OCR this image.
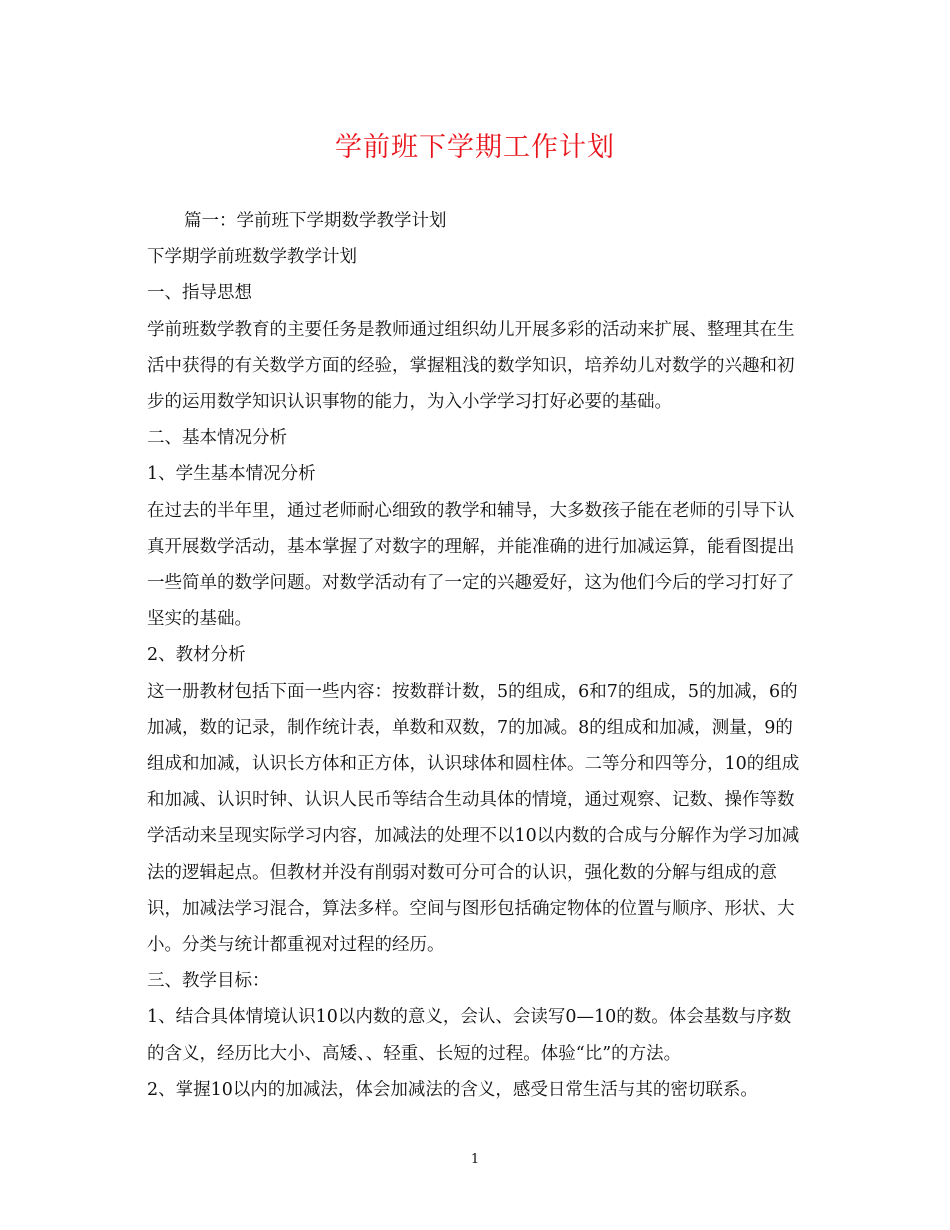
学前班下学期工作计划

篇一：学前班下学期数学教学计划

下学期学前班数学教学计划

一、指导思想

学前班数学教育的主要任务是教师通过组织幼儿开展多彩的活动来扩展、整理其在生活中获得的有关数学方面的经验，掌握粗浅的数学知识，培养幼儿对数学的兴趣和初步的运用数学知识认识事物的能力，为入小学学习打好必要的基础。

二、基本情况分析

1、学生基本情况分析

在过去的半年里，通过老师耐心细致的教学和辅导，大多数孩子能在老师的引导下认真开展数学活动，基本掌握了对数字的理解，并能准确的进行加减运算，能看图提出一些简单的数学问题。对数学活动有了一定的兴趣爱好，这为他们今后的学习打好了坚实的基础。

2、教材分析

这一册教材包括下面一些内容：按数群计数，5的组成，6和7的组成，5的加减，6的加减，数的记录，制作统计表，单数和双数，7的加减。8的组成和加减，测量，9的组成和加减，认识长方体和正方体，认识球体和圆柱体。二等分和四等分，10的组成和加减、认识时钟、认识人民币等结合生动具体的情境，通过观察、记数、操作等数学活动来呈现实际学习内容，加减法的处理不以10以内数的合成与分解作为学习加减法的逻辑起点。但教材并没有削弱对数可分可合的认识，强化数的分解与组成的意识，加减法学习混合，算法多样。空间与图形包括确定物体的位置与顺序、形状、大小。分类与统计都重视对过程的经历。

三、教学目标：

1、结合具体情境认识10以内数的意义，会认、会读写0—10的数。体会基数与序数的含义，经历比大小、高矮、、轻重、长短的过程。体验“比”的方法。

2、掌握10以内的加减法，体会加减法的含义，感受日常生活与其的密切联系。

1
